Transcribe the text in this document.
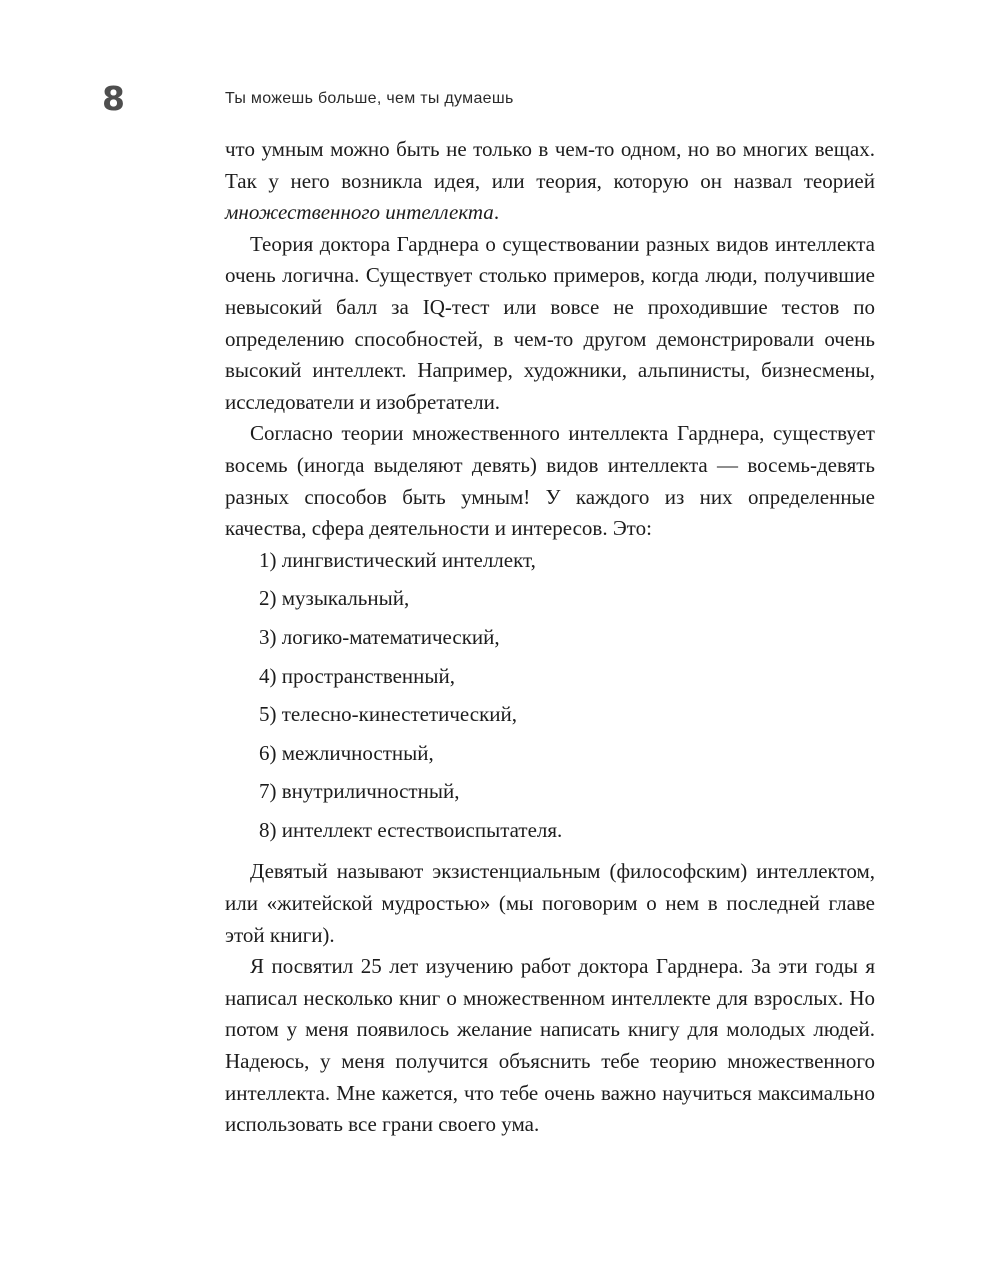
8	Ты можешь больше, чем ты думаешь

что умным можно быть не только в чем-то одном, но во многих вещах. Так у него возникла идея, или теория, которую он назвал теорией множественного интеллекта.

Теория доктора Гарднера о существовании разных видов интеллекта очень логична. Существует столько примеров, когда люди, получившие невысокий балл за IQ-тест или вовсе не проходившие тестов по определению способностей, в чем-то другом демонстрировали очень высокий интеллект. Например, художники, альпинисты, бизнесмены, исследователи и изобретатели.

Согласно теории множественного интеллекта Гарднера, существует восемь (иногда выделяют девять) видов интеллекта — восемь-девять разных способов быть умным! У каждого из них определенные качества, сфера деятельности и интересов. Это:

1) лингвистический интеллект,
2) музыкальный,
3) логико-математический,
4) пространственный,
5) телесно-кинестетический,
6) межличностный,
7) внутриличностный,
8) интеллект естествоиспытателя.

Девятый называют экзистенциальным (философским) интеллектом, или «житейской мудростью» (мы поговорим о нем в последней главе этой книги).

Я посвятил 25 лет изучению работ доктора Гарднера. За эти годы я написал несколько книг о множественном интеллекте для взрослых. Но потом у меня появилось желание написать книгу для молодых людей. Надеюсь, у меня получится объяснить тебе теорию множественного интеллекта. Мне кажется, что тебе очень важно научиться максимально использовать все грани своего ума.
